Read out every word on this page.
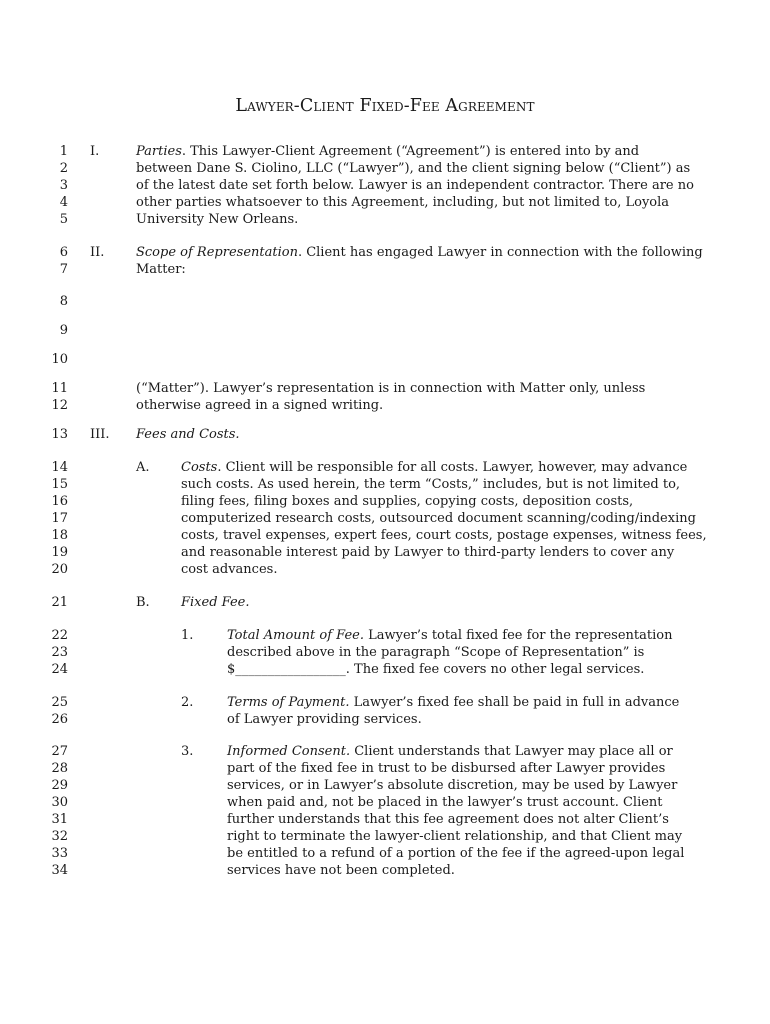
Lawyer-Client Fixed-Fee Agreement
1
2
3
4
5
6
7
8
9
10
11
12
13
14
15
16
17
18
19
20
21
22
23
24
25
26
27
28
29
30
31
32
33
34
I.	Parties. This Lawyer-Client Agreement (“Agreement”) is entered into by and
between Dane S. Ciolino, LLC (“Lawyer”), and the client signing below (“Client”) as
of the latest date set forth below. Lawyer is an independent contractor. There are no
other parties whatsoever to this Agreement, including, but not limited to, Loyola
University New Orleans.
II. Scope of Representation. Client has engaged Lawyer in connection with the following
Matter:
(“Matter”). Lawyer’s representation is in connection with Matter only, unless
otherwise agreed in a signed writing.
III. Fees and Costs.
A. Costs. Client will be responsible for all costs. Lawyer, however, may advance
such costs. As used herein, the term “Costs,” includes, but is not limited to,
filing fees, filing boxes and supplies, copying costs, deposition costs,
computerized research costs, outsourced document scanning/coding/indexing
costs, travel expenses, expert fees, court costs, postage expenses, witness fees,
and reasonable interest paid by Lawyer to third-party lenders to cover any
cost advances.
B. Fixed Fee.
1.	Total Amount of Fee. Lawyer’s total fixed fee for the representation
described above in the paragraph “Scope of Representation” is
$_________________. The fixed fee covers no other legal services.
2.	Terms of Payment. Lawyer’s fixed fee shall be paid in full in advance
of Lawyer providing services.
3.	Informed Consent. Client understands that Lawyer may place all or
part of the fixed fee in trust to be disbursed after Lawyer provides
services, or in Lawyer’s absolute discretion, may be used by Lawyer
when paid and, not be placed in the lawyer’s trust account. Client
further understands that this fee agreement does not alter Client’s
right to terminate the lawyer-client relationship, and that Client may
be entitled to a refund of a portion of the fee if the agreed-upon legal
services have not been completed.
